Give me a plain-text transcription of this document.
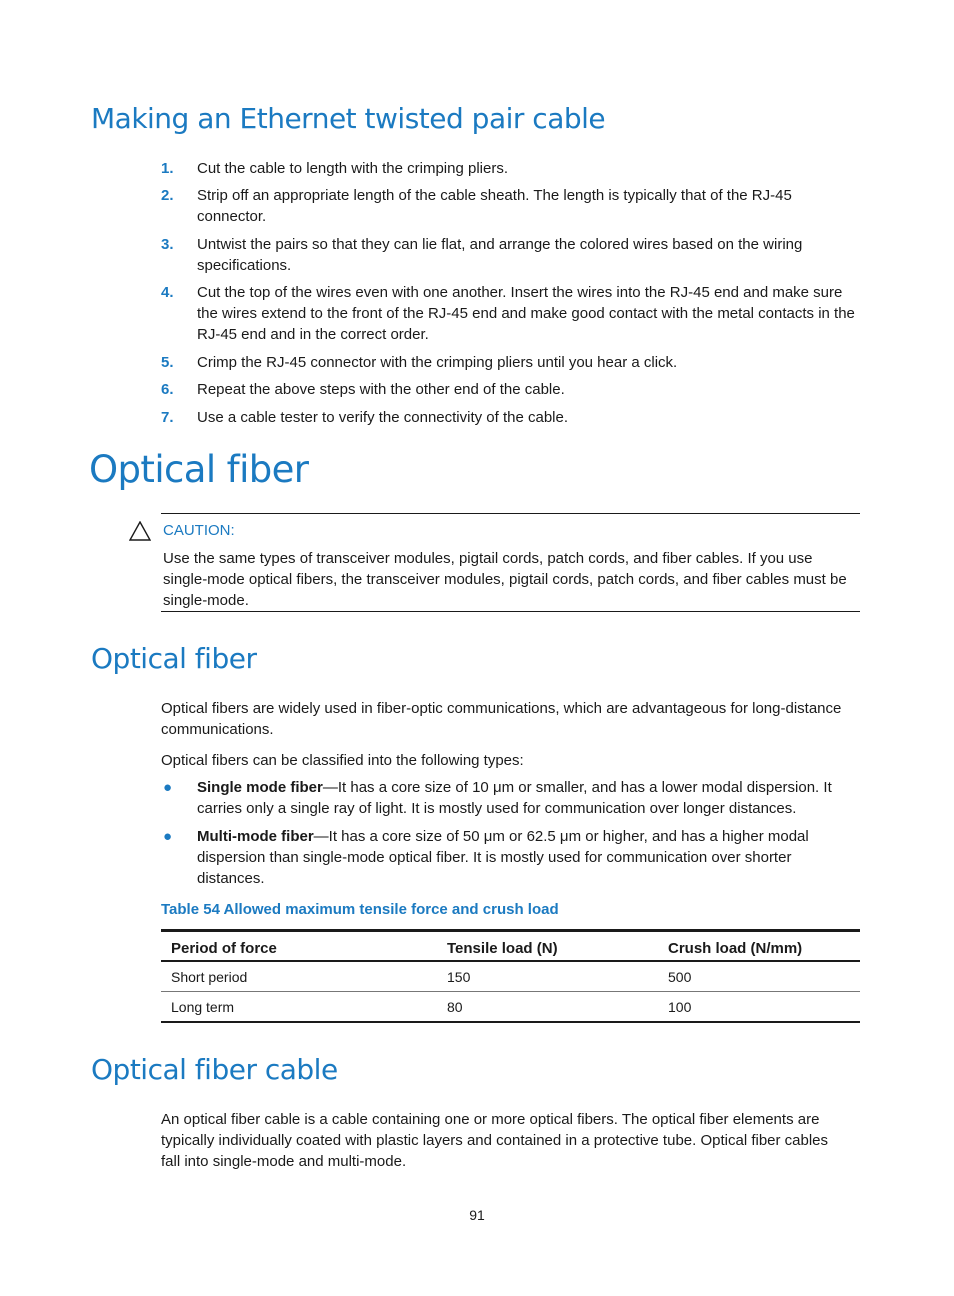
Making an Ethernet twisted pair cable
1. Cut the cable to length with the crimping pliers.

2. Strip off an appropriate length of the cable sheath. The length is typically that of the RJ-45

connector.

3. Untwist the pairs so that they can lie flat, and arrange the colored wires based on the wiring

specifications.

4. Cut the top of the wires even with one another. Insert the wires into the RJ-45 end and make sure

the wires extend to the front of the RJ-45 end and make good contact with the metal contacts in the

RJ-45 end and in the correct order.

5. Crimp the RJ-45 connector with the crimping pliers until you hear a click.

6. Repeat the above steps with the other end of the cable.

7. Use a cable tester to verify the connectivity of the cable.

Optical fiber
CAUTION:

Use the same types of transceiver modules, pigtail cords, patch cords, and fiber cables. If you use

single-mode optical fibers, the transceiver modules, pigtail cords, patch cords, and fiber cables must be

single-mode.

Optical fiber

Optical fibers are widely used in fiber-optic communications, which are advantageous for long-distance

communications.

Optical fibers can be classified into the following types:

● Single mode fiber—It has a core size of 10 μm or smaller, and has a lower modal dispersion. It

carries only a single ray of light. It is mostly used for communication over longer distances.

● Multi-mode fiber—It has a core size of 50 μm or 62.5 μm or higher, and has a higher modal

dispersion than single-mode optical fiber. It is mostly used for communication over shorter

distances.

Table 54 Allowed maximum tensile force and crush load
Period of force	Tensile load (N)	Crush load (N/mm)
Short period	150	500
Long term	80	100
Optical fiber cable

An optical fiber cable is a cable containing one or more optical fibers. The optical fiber elements are

typically individually coated with plastic layers and contained in a protective tube. Optical fiber cables

fall into single-mode and multi-mode.

91
